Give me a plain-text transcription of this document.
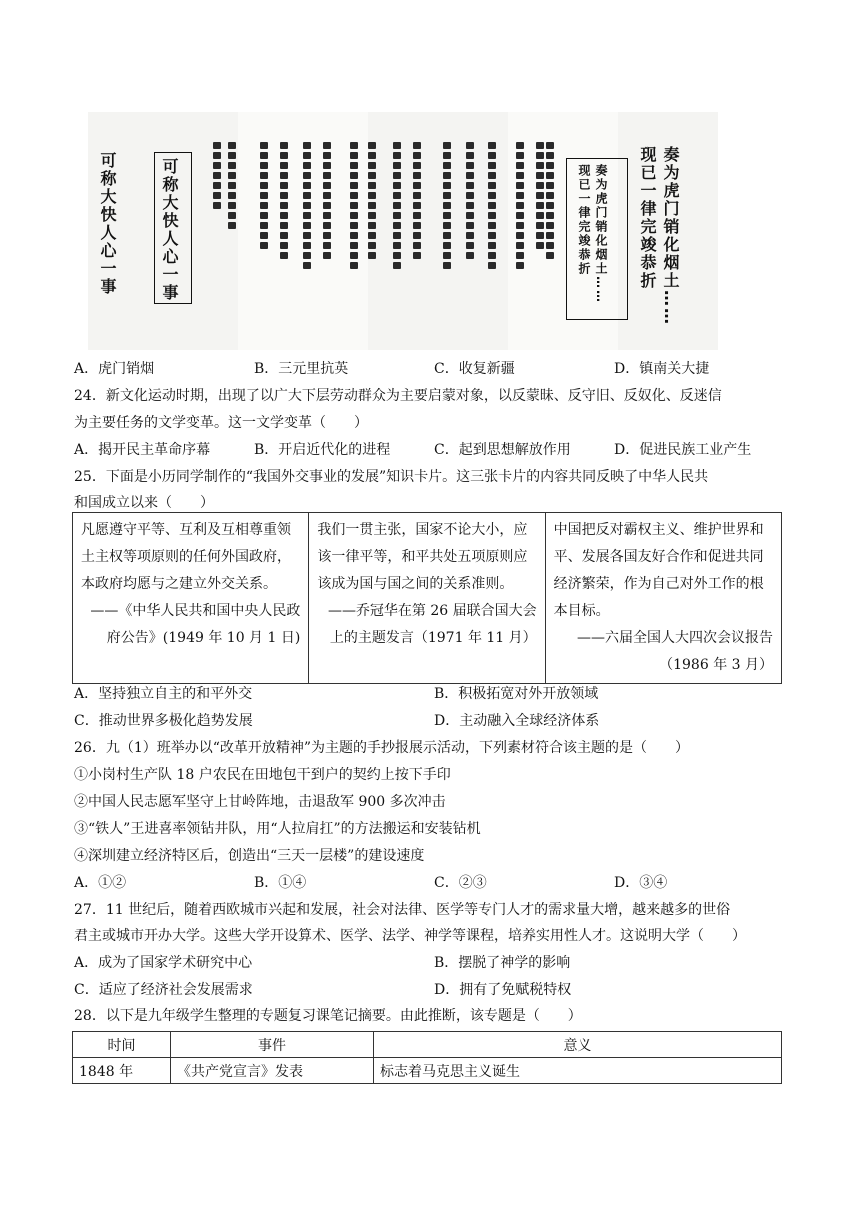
奏为虎门销化烟土……现已一律完竣恭折	奏为虎门销化烟土……现已一律完竣恭折
可称大快人心一事	可称大快人心一事
A．虎门销烟	B．三元里抗英	C．收复新疆	D．镇南关大捷
24．新文化运动时期，出现了以广大下层劳动群众为主要启蒙对象，以反蒙昧、反守旧、反奴化、反迷信
为主要任务的文学变革。这一文学变革（　　）
A．揭开民主革命序幕	B．开启近代化的进程	C．起到思想解放作用	D．促进民族工业产生
25．下面是小历同学制作的“我国外交事业的发展”知识卡片。这三张卡片的内容共同反映了中华人民共
和国成立以来（　　）
凡愿遵守平等、互利及互相尊重领土主权等项原则的任何外国政府，本政府均愿与之建立外交关系。
——《中华人民共和国中央人民政府公告》(1949 年 10 月 1 日)
	我们一贯主张，国家不论大小，应该一律平等，和平共处五项原则应该成为国与国之间的关系准则。
——乔冠华在第 26 届联合国大会上的主题发言（1971 年 11 月）
	中国把反对霸权主义、维护世界和平、发展各国友好合作和促进共同经济繁荣，作为自己对外工作的根本目标。
——六届全国人大四次会议报告（1986 年 3 月）
A．坚持独立自主的和平外交	B．积极拓宽对外开放领域
C．推动世界多极化趋势发展	D．主动融入全球经济体系
26．九（1）班举办以“改革开放精神”为主题的手抄报展示活动，下列素材符合该主题的是（　　）
①小岗村生产队 18 户农民在田地包干到户的契约上按下手印
②中国人民志愿军坚守上甘岭阵地，击退敌军 900 多次冲击
③“铁人”王进喜率领钻井队，用“人拉肩扛”的方法搬运和安装钻机
④深圳建立经济特区后，创造出“三天一层楼”的建设速度
A．①②	B．①④	C．②③	D．③④
27．11 世纪后，随着西欧城市兴起和发展，社会对法律、医学等专门人才的需求量大增，越来越多的世俗
君主或城市开办大学。这些大学开设算术、医学、法学、神学等课程，培养实用性人才。这说明大学（　　）
A．成为了国家学术研究中心	B．摆脱了神学的影响
C．适应了经济社会发展需求	D．拥有了免赋税特权
28．以下是九年级学生整理的专题复习课笔记摘要。由此推断，该专题是（　　）
时间	事件	意义
1848 年	《共产党宣言》发表	标志着马克思主义诞生
